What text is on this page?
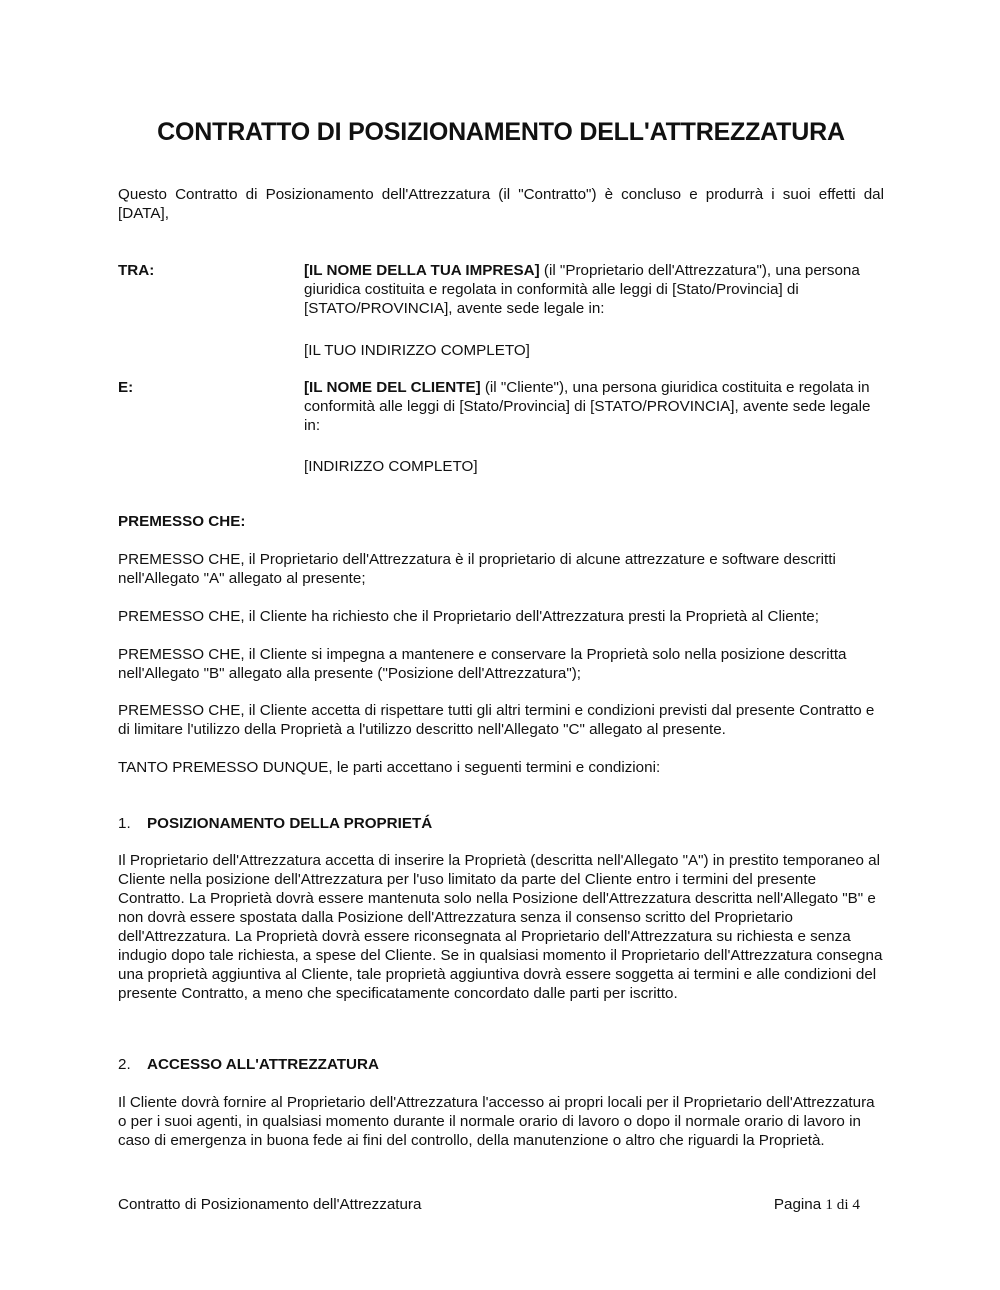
CONTRATTO DI POSIZIONAMENTO DELL'ATTREZZATURA

Questo Contratto di Posizionamento dell'Attrezzatura (il "Contratto") è concluso e produrrà i suoi effetti dal [DATA],

TRA:	[IL NOME DELLA TUA IMPRESA] (il "Proprietario dell'Attrezzatura"), una persona giuridica costituita e regolata in conformità alle leggi di [Stato/Provincia] di [STATO/PROVINCIA], avente sede legale in:

[IL TUO INDIRIZZO COMPLETO]

E:	[IL NOME DEL CLIENTE] (il "Cliente"), una persona giuridica costituita e regolata in conformità alle leggi di [Stato/Provincia] di [STATO/PROVINCIA], avente sede legale in:

[INDIRIZZO COMPLETO]

PREMESSO CHE:

PREMESSO CHE, il Proprietario dell'Attrezzatura è il proprietario di alcune attrezzature e software descritti nell'Allegato "A" allegato al presente;

PREMESSO CHE, il Cliente ha richiesto che il Proprietario dell'Attrezzatura presti la Proprietà al Cliente;

PREMESSO CHE, il Cliente si impegna a mantenere e conservare la Proprietà solo nella posizione descritta nell'Allegato "B" allegato alla presente ("Posizione dell'Attrezzatura");

PREMESSO CHE, il Cliente accetta di rispettare tutti gli altri termini e condizioni previsti dal presente Contratto e di limitare l'utilizzo della Proprietà a l'utilizzo descritto nell'Allegato "C" allegato al presente.

TANTO PREMESSO DUNQUE, le parti accettano i seguenti termini e condizioni:

1. POSIZIONAMENTO DELLA PROPRIETÁ

Il Proprietario dell'Attrezzatura accetta di inserire la Proprietà (descritta nell'Allegato "A") in prestito temporaneo al Cliente nella posizione dell'Attrezzatura per l'uso limitato da parte del Cliente entro i termini del presente Contratto. La Proprietà dovrà essere mantenuta solo nella Posizione dell'Attrezzatura descritta nell'Allegato "B" e non dovrà essere spostata dalla Posizione dell'Attrezzatura senza il consenso scritto del Proprietario dell'Attrezzatura. La Proprietà dovrà essere riconsegnata al Proprietario dell'Attrezzatura su richiesta e senza indugio dopo tale richiesta, a spese del Cliente. Se in qualsiasi momento il Proprietario dell'Attrezzatura consegna una proprietà aggiuntiva al Cliente, tale proprietà aggiuntiva dovrà essere soggetta ai termini e alle condizioni del presente Contratto, a meno che specificatamente concordato dalle parti per iscritto.

2. ACCESSO ALL'ATTREZZATURA

Il Cliente dovrà fornire al Proprietario dell'Attrezzatura l'accesso ai propri locali per il Proprietario dell'Attrezzatura o per i suoi agenti, in qualsiasi momento durante il normale orario di lavoro o dopo il normale orario di lavoro in caso di emergenza in buona fede ai fini del controllo, della manutenzione o altro che riguardi la Proprietà.

Contratto di Posizionamento dell'Attrezzatura	Pagina 1 di 4
